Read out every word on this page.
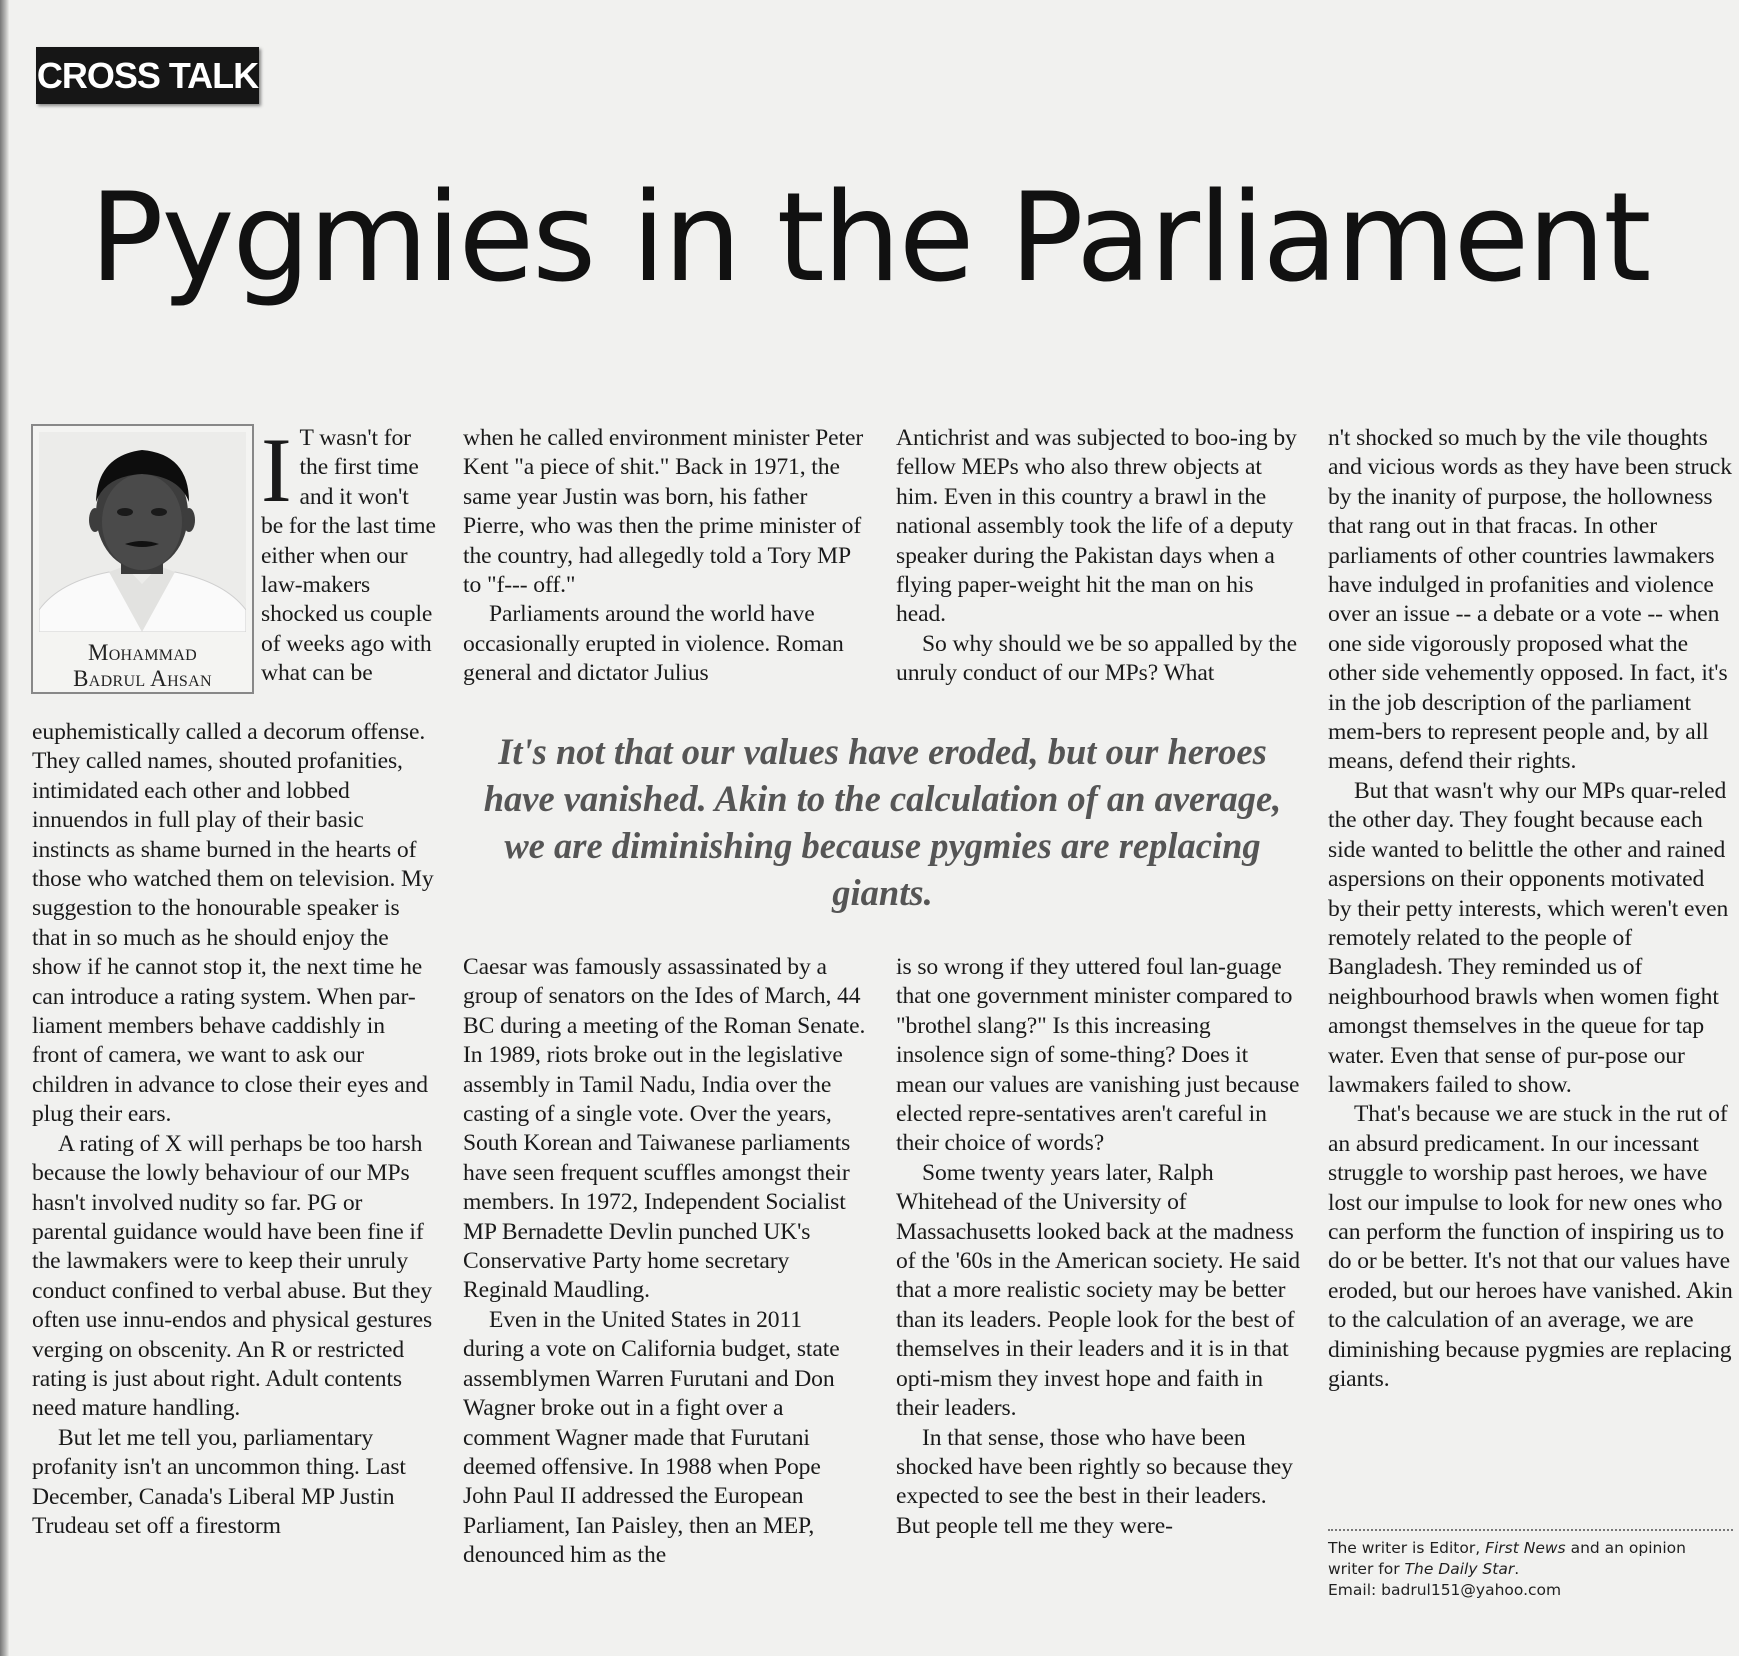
CROSS TALK
Pygmies in the Parliament
Mohammad
Badrul Ahsan
I T wasn't for the first time and it won't be for the last time either when our law-makers shocked us couple of weeks ago with what can be

euphemistically called a decorum offense. They called names, shouted profanities, intimidated each other and lobbed innuendos in full play of their basic instincts as shame burned in the hearts of those who watched them on television. My suggestion to the honourable speaker is that in so much as he should enjoy the show if he cannot stop it, the next time he can introduce a rating system. When par-liament members behave caddishly in front of camera, we want to ask our children in advance to close their eyes and plug their ears.

A rating of X will perhaps be too harsh because the lowly behaviour of our MPs hasn't involved nudity so far. PG or parental guidance would have been fine if the lawmakers were to keep their unruly conduct confined to verbal abuse. But they often use innu-endos and physical gestures verging on obscenity. An R or restricted rating is just about right. Adult contents need mature handling.

But let me tell you, parliamentary profanity isn't an uncommon thing. Last December, Canada's Liberal MP Justin Trudeau set off a firestorm

when he called environment minister Peter Kent "a piece of shit." Back in 1971, the same year Justin was born, his father Pierre, who was then the prime minister of the country, had allegedly told a Tory MP to "f--- off."

Parliaments around the world have occasionally erupted in violence. Roman general and dictator Julius

Antichrist and was subjected to boo-ing by fellow MEPs who also threw objects at him. Even in this country a brawl in the national assembly took the life of a deputy speaker during the Pakistan days when a flying paper-weight hit the man on his head.

So why should we be so appalled by the unruly conduct of our MPs? What

It's not that our values have eroded, but our heroes have vanished. Akin to the calculation of an average, we are diminishing because pygmies are replacing giants.

Caesar was famously assassinated by a group of senators on the Ides of March, 44 BC during a meeting of the Roman Senate. In 1989, riots broke out in the legislative assembly in Tamil Nadu, India over the casting of a single vote. Over the years, South Korean and Taiwanese parliaments have seen frequent scuffles amongst their members. In 1972, Independent Socialist MP Bernadette Devlin punched UK's Conservative Party home secretary Reginald Maudling.

Even in the United States in 2011 during a vote on California budget, state assemblymen Warren Furutani and Don Wagner broke out in a fight over a comment Wagner made that Furutani deemed offensive. In 1988 when Pope John Paul II addressed the European Parliament, Ian Paisley, then an MEP, denounced him as the

is so wrong if they uttered foul lan-guage that one government minister compared to "brothel slang?" Is this increasing insolence sign of some-thing? Does it mean our values are vanishing just because elected repre-sentatives aren't careful in their choice of words?

Some twenty years later, Ralph Whitehead of the University of Massachusetts looked back at the madness of the '60s in the American society. He said that a more realistic society may be better than its leaders. People look for the best of themselves in their leaders and it is in that opti-mism they invest hope and faith in their leaders.

In that sense, those who have been shocked have been rightly so because they expected to see the best in their leaders. But people tell me they were-

n't shocked so much by the vile thoughts and vicious words as they have been struck by the inanity of purpose, the hollowness that rang out in that fracas. In other parliaments of other countries lawmakers have indulged in profanities and violence over an issue -- a debate or a vote -- when one side vigorously proposed what the other side vehemently opposed. In fact, it's in the job description of the parliament mem-bers to represent people and, by all means, defend their rights.

But that wasn't why our MPs quar-reled the other day. They fought because each side wanted to belittle the other and rained aspersions on their opponents motivated by their petty interests, which weren't even remotely related to the people of Bangladesh. They reminded us of neighbourhood brawls when women fight amongst themselves in the queue for tap water. Even that sense of pur-pose our lawmakers failed to show.

That's because we are stuck in the rut of an absurd predicament. In our incessant struggle to worship past heroes, we have lost our impulse to look for new ones who can perform the function of inspiring us to do or be better. It's not that our values have eroded, but our heroes have vanished. Akin to the calculation of an average, we are diminishing because pygmies are replacing giants.

The writer is Editor, First News and an opinion
writer for The Daily Star.
Email: badrul151@yahoo.com
